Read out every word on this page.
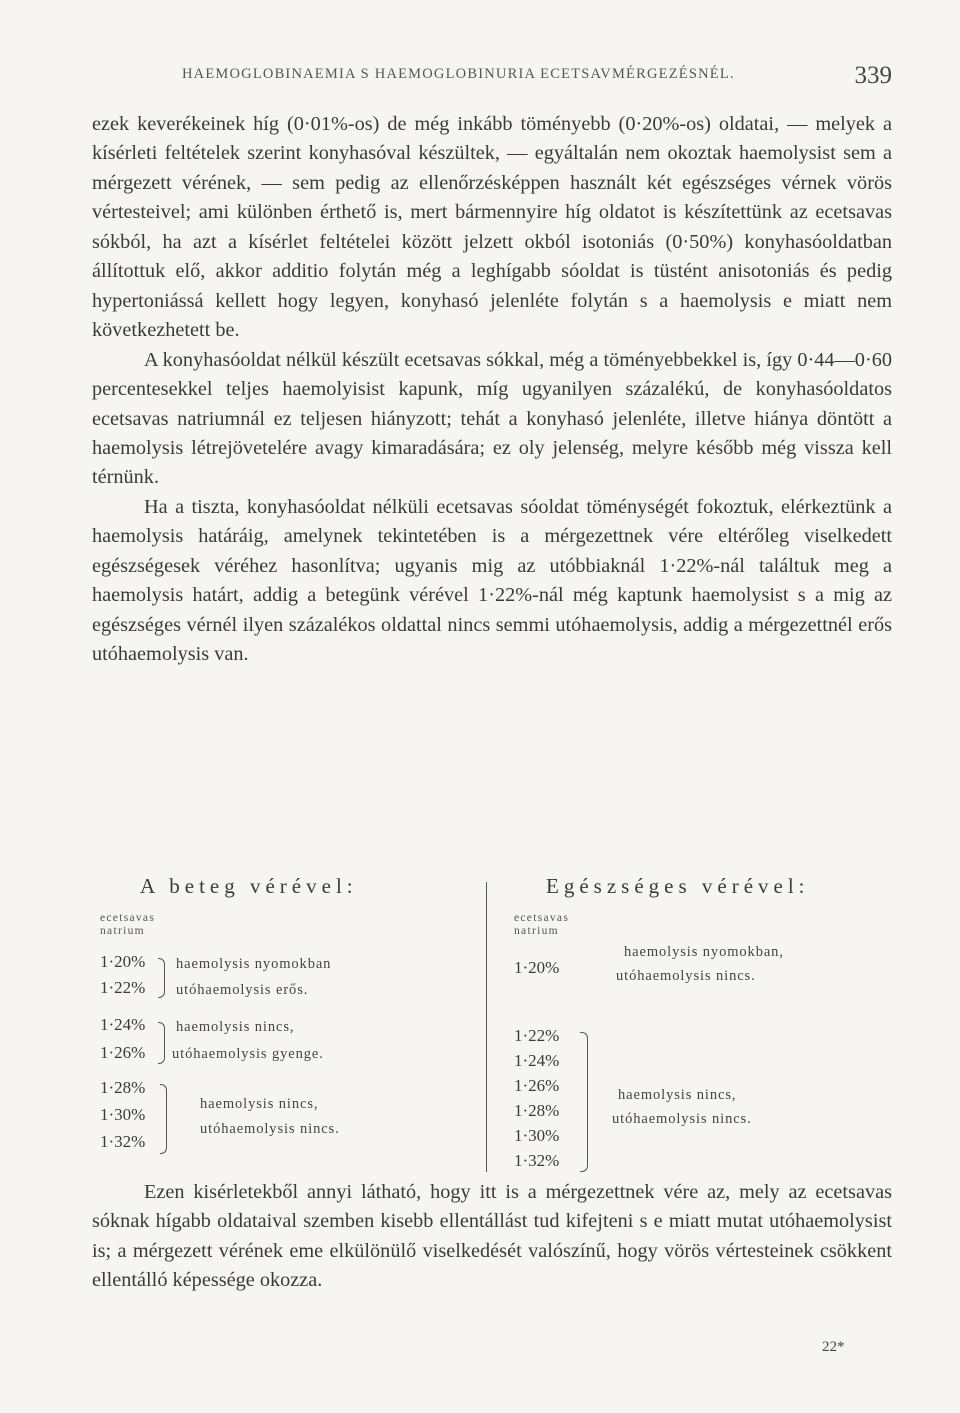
HAEMOGLOBINAEMIA S HAEMOGLOBINURIA ECETSAVMÉRGEZÉSNÉL.	339

ezek keverékeinek híg (0·01%-os) de még inkább töményebb (0·20%-os) oldatai, — melyek a kísérleti feltételek szerint konyhasóval készültek, — egyáltalán nem okoztak haemolysist sem a mérgezett vérének, — sem pedig az ellenőrzésképpen használt két egészséges vérnek vörös vértesteivel; ami különben érthető is, mert bármennyire híg oldatot is készítettünk az ecetsavas sókból, ha azt a kísérlet feltételei között jelzett okból isotoniás (0·50%) konyhasóoldatban állítottuk elő, akkor additio folytán még a leghígabb sóoldat is tüstént anisotoniás és pedig hypertoniássá kellett hogy legyen, konyhasó jelenléte folytán s a haemolysis e miatt nem következhetett be.

A konyhasóoldat nélkül készült ecetsavas sókkal, még a töményebbekkel is, így 0·44—0·60 percentesekkel teljes haemolyisist kapunk, míg ugyanilyen százalékú, de konyhasóoldatos ecetsavas natriumnál ez teljesen hiányzott; tehát a konyhasó jelenléte, illetve hiánya döntött a haemolysis létrejövetelére avagy kimaradására; ez oly jelenség, melyre később még vissza kell térnünk.

Ha a tiszta, konyhasóoldat nélküli ecetsavas sóoldat töménységét fokoztuk, elérkeztünk a haemolysis határáig, amelynek tekintetében is a mérgezettnek vére eltérőleg viselkedett egészségesek véréhez hasonlítva; ugyanis mig az utóbbiaknál 1·22%-nál találtuk meg a haemolysis határt, addig a betegünk vérével 1·22%-nál még kaptunk haemolysist s a mig az egészséges vérnél ilyen százalékos oldattal nincs semmi utóhaemolysis, addig a mérgezettnél erős utóhaemolysis van.

A beteg vérével:
ecetsavas
natrium
1·20%
1·22%
haemolysis nyomokban
utóhaemolysis erős.
1·24%
1·26%
haemolysis nincs,
utóhaemolysis gyenge.
1·28%
1·30%
1·32%
haemolysis nincs,
utóhaemolysis nincs.
Egészséges vérével:
ecetsavas
natrium
1·20%
haemolysis nyomokban,
utóhaemolysis nincs.
1·22%
1·24%
1·26%
1·28%
1·30%
1·32%
haemolysis nincs,
utóhaemolysis nincs.

Ezen kisérletekből annyi látható, hogy itt is a mérgezettnek vére az, mely az ecetsavas sóknak hígabb oldataival szemben kisebb ellentállást tud kifejteni s e miatt mutat utóhaemolysist is; a mérgezett vérének eme elkülönülő viselkedését valószínű, hogy vörös vértesteinek csökkent ellentálló képessége okozza.

22*
